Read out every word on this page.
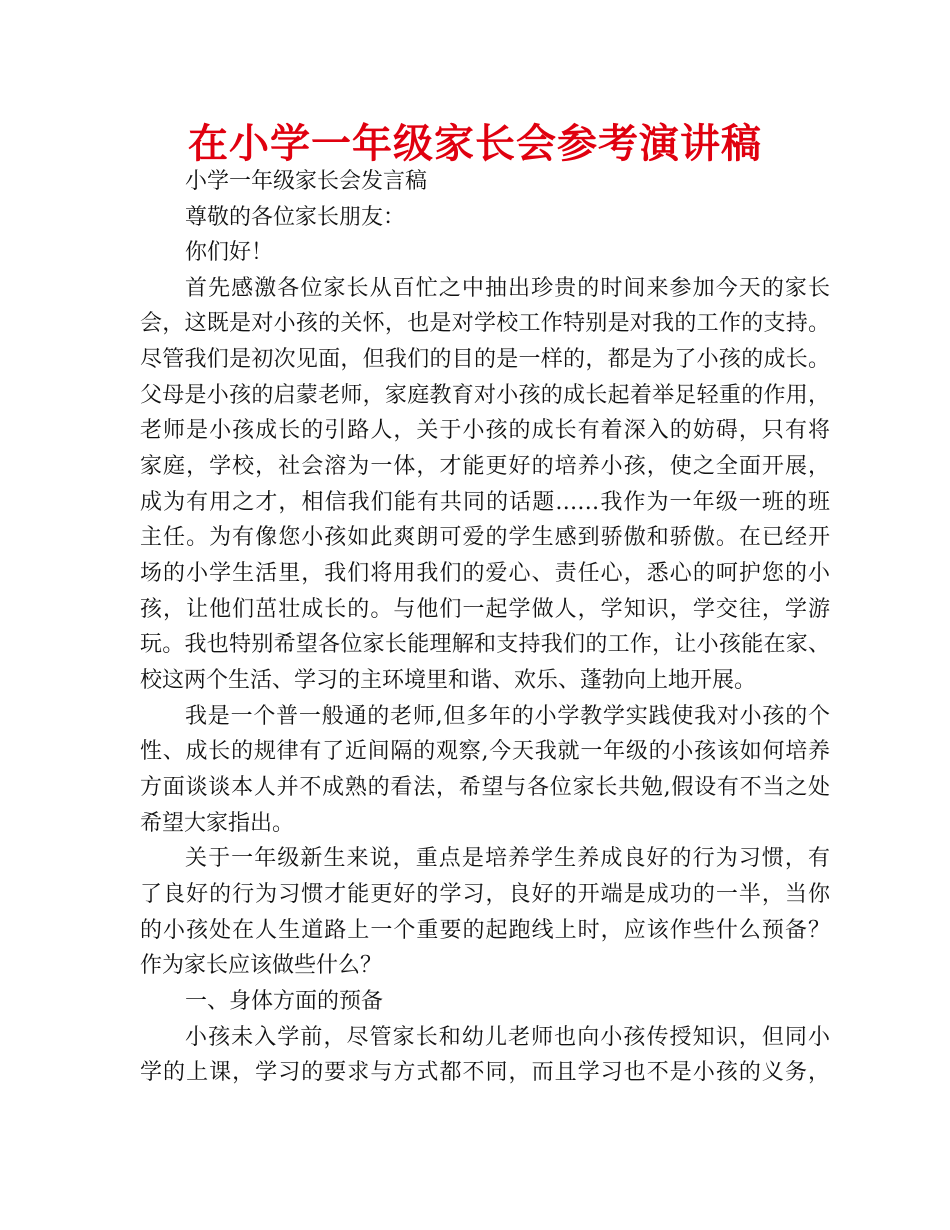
在小学一年级家长会参考演讲稿
小学一年级家长会发言稿
尊敬的各位家长朋友：
你们好！
首先感激各位家长从百忙之中抽出珍贵的时间来参加今天的家长
会，这既是对小孩的关怀，也是对学校工作特别是对我的工作的支持。
尽管我们是初次见面，但我们的目的是一样的，都是为了小孩的成长。
父母是小孩的启蒙老师，家庭教育对小孩的成长起着举足轻重的作用，
老师是小孩成长的引路人，关于小孩的成长有着深入的妨碍，只有将
家庭，学校，社会溶为一体，才能更好的培养小孩，使之全面开展，
成为有用之才，相信我们能有共同的话题……我作为一年级一班的班
主任。为有像您小孩如此爽朗可爱的学生感到骄傲和骄傲。在已经开
场的小学生活里，我们将用我们的爱心、责任心，悉心的呵护您的小
孩，让他们茁壮成长的。与他们一起学做人，学知识，学交往，学游
玩。我也特别希望各位家长能理解和支持我们的工作，让小孩能在家、
校这两个生活、学习的主环境里和谐、欢乐、蓬勃向上地开展。
我是一个普一般通的老师,但多年的小学教学实践使我对小孩的个
性、成长的规律有了近间隔的观察,今天我就一年级的小孩该如何培养
方面谈谈本人并不成熟的看法，希望与各位家长共勉,假设有不当之处
希望大家指出。
关于一年级新生来说，重点是培养学生养成良好的行为习惯，有
了良好的行为习惯才能更好的学习，良好的开端是成功的一半，当你
的小孩处在人生道路上一个重要的起跑线上时，应该作些什么预备？
作为家长应该做些什么？
一、身体方面的预备
小孩未入学前，尽管家长和幼儿老师也向小孩传授知识，但同小
学的上课，学习的要求与方式都不同，而且学习也不是小孩的义务，
